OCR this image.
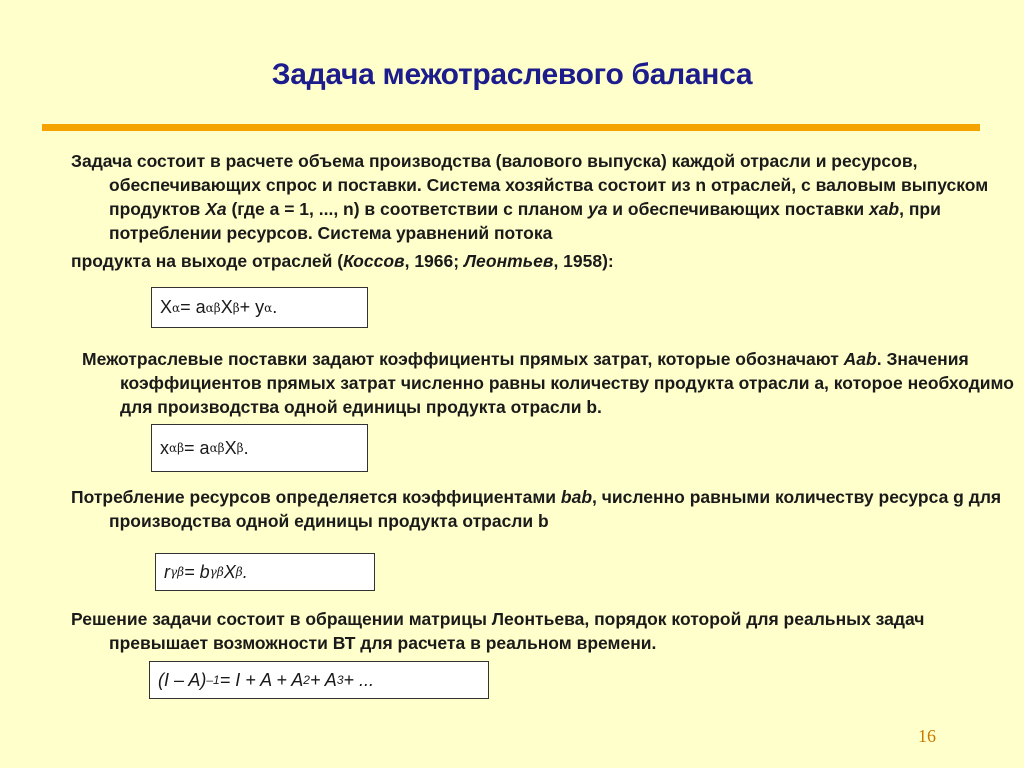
Задача межотраслевого баланса
Задача состоит в расчете объема производства (валового выпуска) каждой отрасли и ресурсов, обеспечивающих спрос и поставки. Система хозяйства состоит из n отраслей, с валовым выпуском продуктов Xa (где a = 1, ..., n) в соответствии с планом ya и обеспечивающих поставки xab, при потреблении ресурсов. Система уравнений потока продукта на выходе отраслей (Коссов, 1966; Леонтьев, 1958):
X α = a αβ X β + y α .
Межотраслевые поставки задают коэффициенты прямых затрат, которые обозначают Aab. Значения коэффициентов прямых затрат численно равны количеству продукта отрасли a, которое необходимо для производства одной единицы продукта отрасли b.
x αβ = a αβ X β .
Потребление ресурсов определяется коэффициентами bab, численно равными количеству ресурса g для производства одной единицы продукта отрасли b
r γβ = b γβ X β .
Решение задачи состоит в обращении матрицы Леонтьева, порядок которой для реальных задач превышает возможности ВТ для расчета в реальном времени.
(I – A) –1 = I + A + A 2 + A 3 + ...
16
